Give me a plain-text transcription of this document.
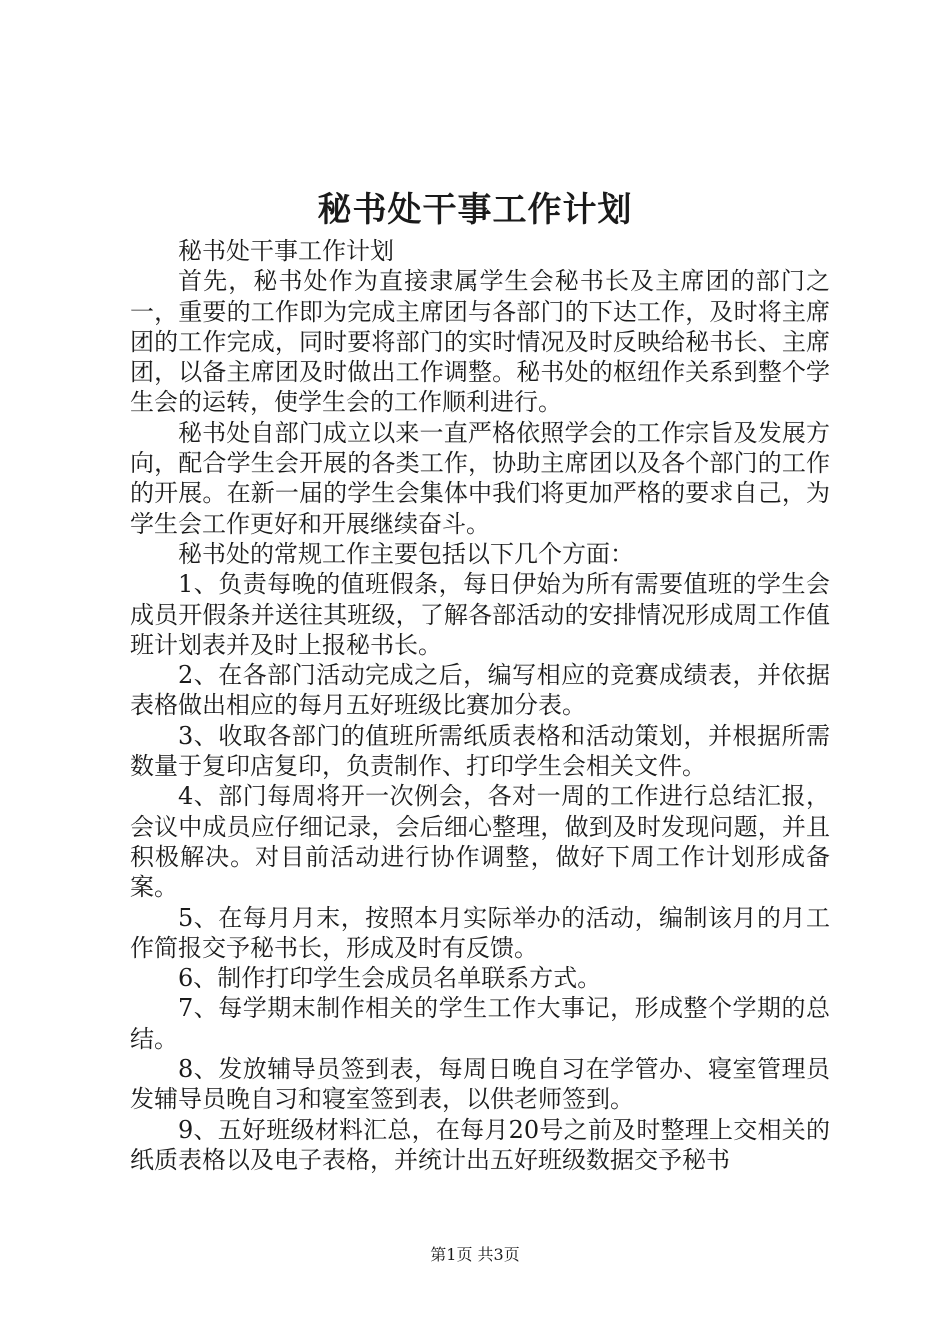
秘书处干事工作计划

秘书处干事工作计划

首先，秘书处作为直接隶属学生会秘书长及主席团的部门之一，重要的工作即为完成主席团与各部门的下达工作，及时将主席团的工作完成，同时要将部门的实时情况及时反映给秘书长、主席团，以备主席团及时做出工作调整。秘书处的枢纽作关系到整个学生会的运转，使学生会的工作顺利进行。

秘书处自部门成立以来一直严格依照学会的工作宗旨及发展方向，配合学生会开展的各类工作，协助主席团以及各个部门的工作的开展。在新一届的学生会集体中我们将更加严格的要求自己，为学生会工作更好和开展继续奋斗。

秘书处的常规工作主要包括以下几个方面：

1、负责每晚的值班假条，每日伊始为所有需要值班的学生会成员开假条并送往其班级，了解各部活动的安排情况形成周工作值班计划表并及时上报秘书长。

2、在各部门活动完成之后，编写相应的竞赛成绩表，并依据表格做出相应的每月五好班级比赛加分表。

3、收取各部门的值班所需纸质表格和活动策划，并根据所需数量于复印店复印，负责制作、打印学生会相关文件。

4、部门每周将开一次例会，各对一周的工作进行总结汇报，会议中成员应仔细记录，会后细心整理，做到及时发现问题，并且积极解决。对目前活动进行协作调整，做好下周工作计划形成备案。

5、在每月月末，按照本月实际举办的活动，编制该月的月工作简报交予秘书长，形成及时有反馈。

6、制作打印学生会成员名单联系方式。

7、每学期末制作相关的学生工作大事记，形成整个学期的总结。

8、发放辅导员签到表，每周日晚自习在学管办、寝室管理员发辅导员晚自习和寝室签到表，以供老师签到。

9、五好班级材料汇总，在每月20号之前及时整理上交相关的纸质表格以及电子表格，并统计出五好班级数据交予秘书

第1页 共3页
